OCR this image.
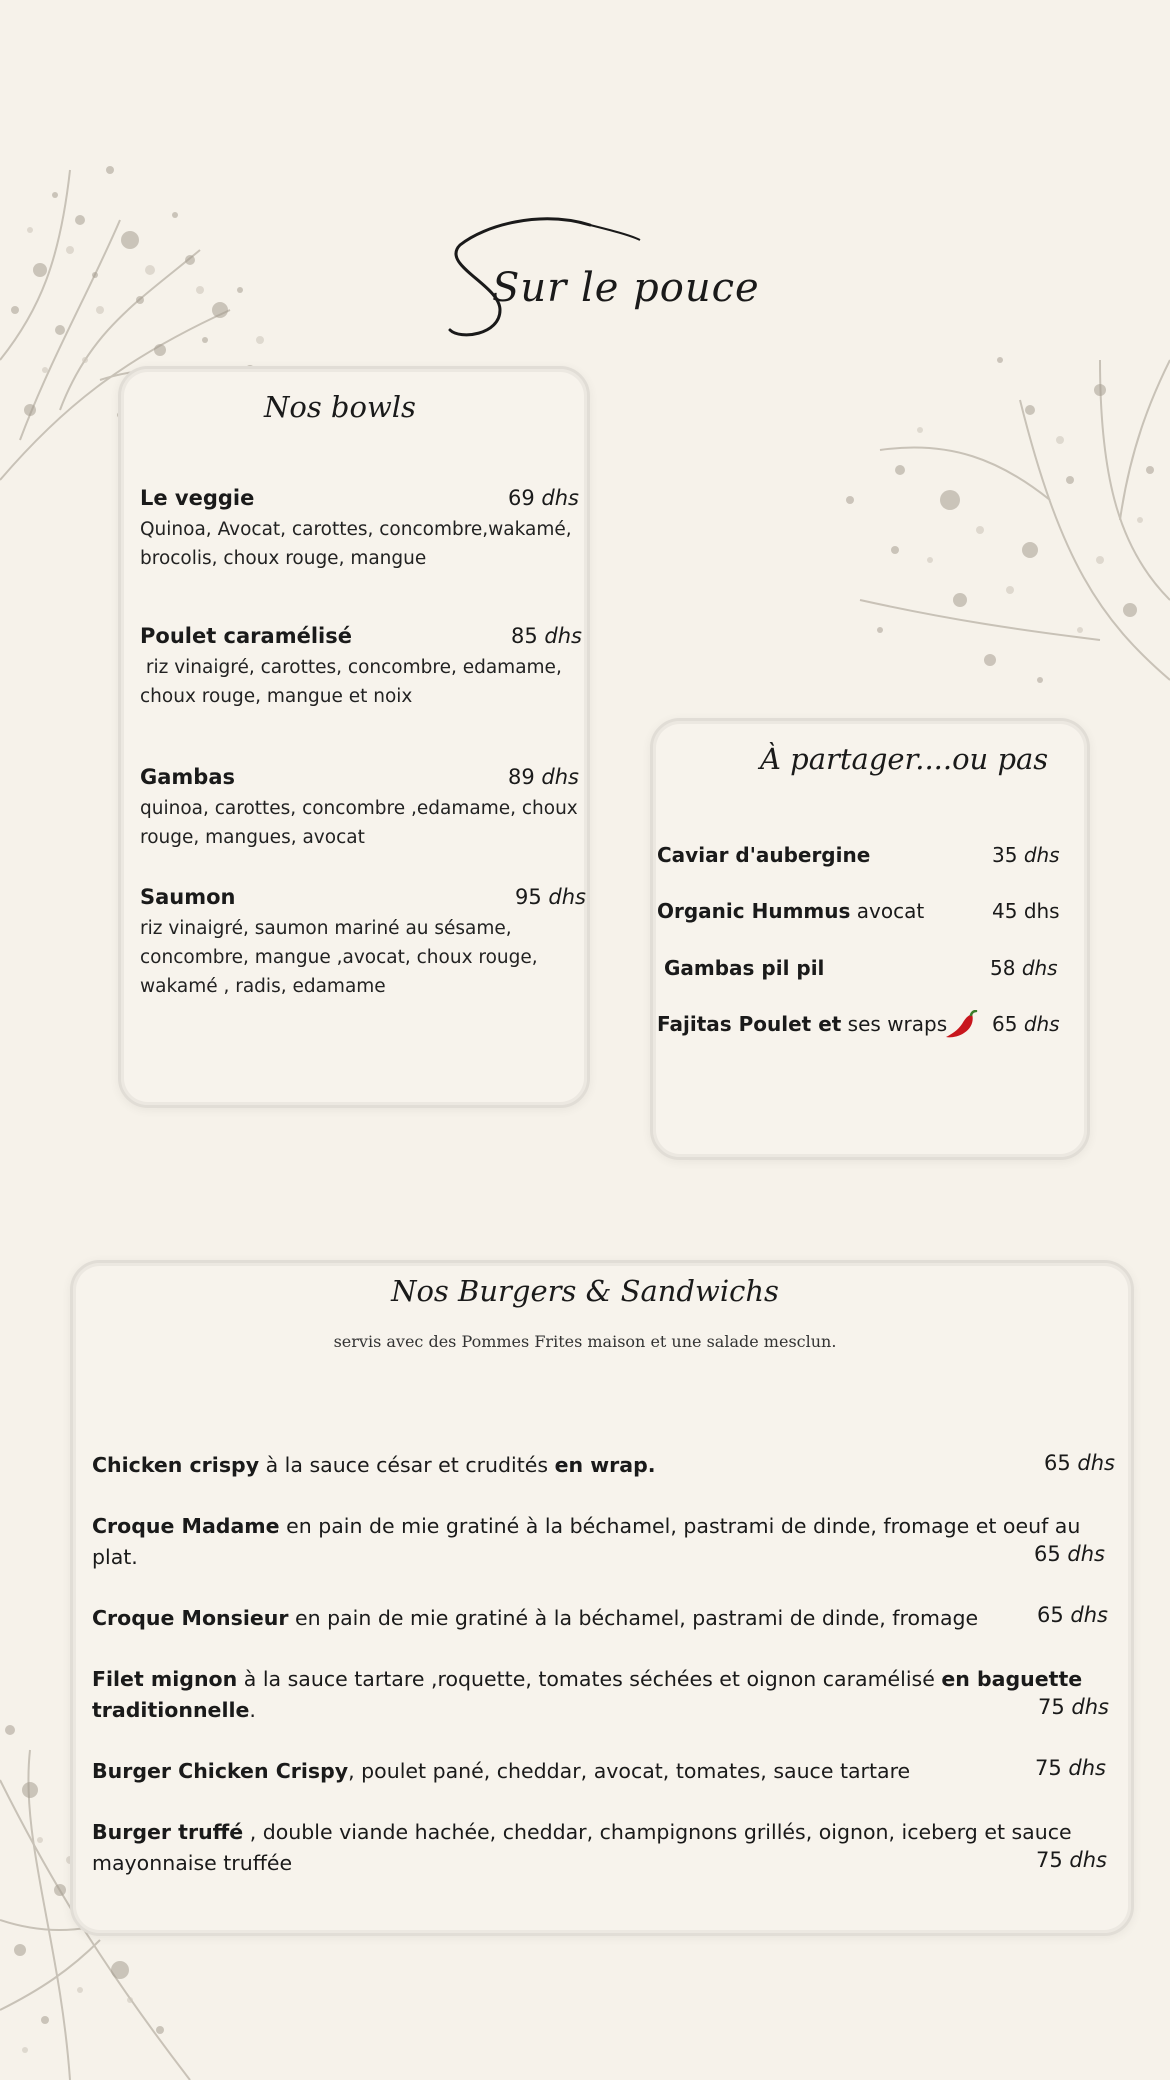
Sur le pouce
Nos bowls
Le veggie	69 dhs
Quinoa, Avocat, carottes, concombre,wakamé,
brocolis, choux rouge, mangue
Poulet caramélisé	85 dhs
riz vinaigré, carottes, concombre, edamame,
choux rouge, mangue et noix
Gambas	89 dhs
quinoa, carottes, concombre ,edamame, choux
rouge, mangues, avocat
Saumon	95 dhs
riz vinaigré, saumon mariné au sésame,
concombre, mangue ,avocat, choux rouge,
wakamé , radis, edamame
À partager....ou pas
Caviar d'aubergine	35 dhs
Organic Hummus avocat	45 dhs
Gambas pil pil	58 dhs
Fajitas Poulet et ses wraps	65 dhs
Nos Burgers & Sandwichs
servis avec des Pommes Frites maison et une salade mesclun.
Chicken crispy à la sauce césar et crudités en wrap.	65 dhs
Croque Madame en pain de mie gratiné à la béchamel, pastrami de dinde, fromage et oeuf au
plat.	65 dhs
Croque Monsieur en pain de mie gratiné à la béchamel, pastrami de dinde, fromage	65 dhs
Filet mignon à la sauce tartare ,roquette, tomates séchées et oignon caramélisé en baguette
traditionnelle.	75 dhs
Burger Chicken Crispy, poulet pané, cheddar, avocat, tomates, sauce tartare	75 dhs
Burger truffé , double viande hachée, cheddar, champignons grillés, oignon, iceberg et sauce
mayonnaise truffée	75 dhs
